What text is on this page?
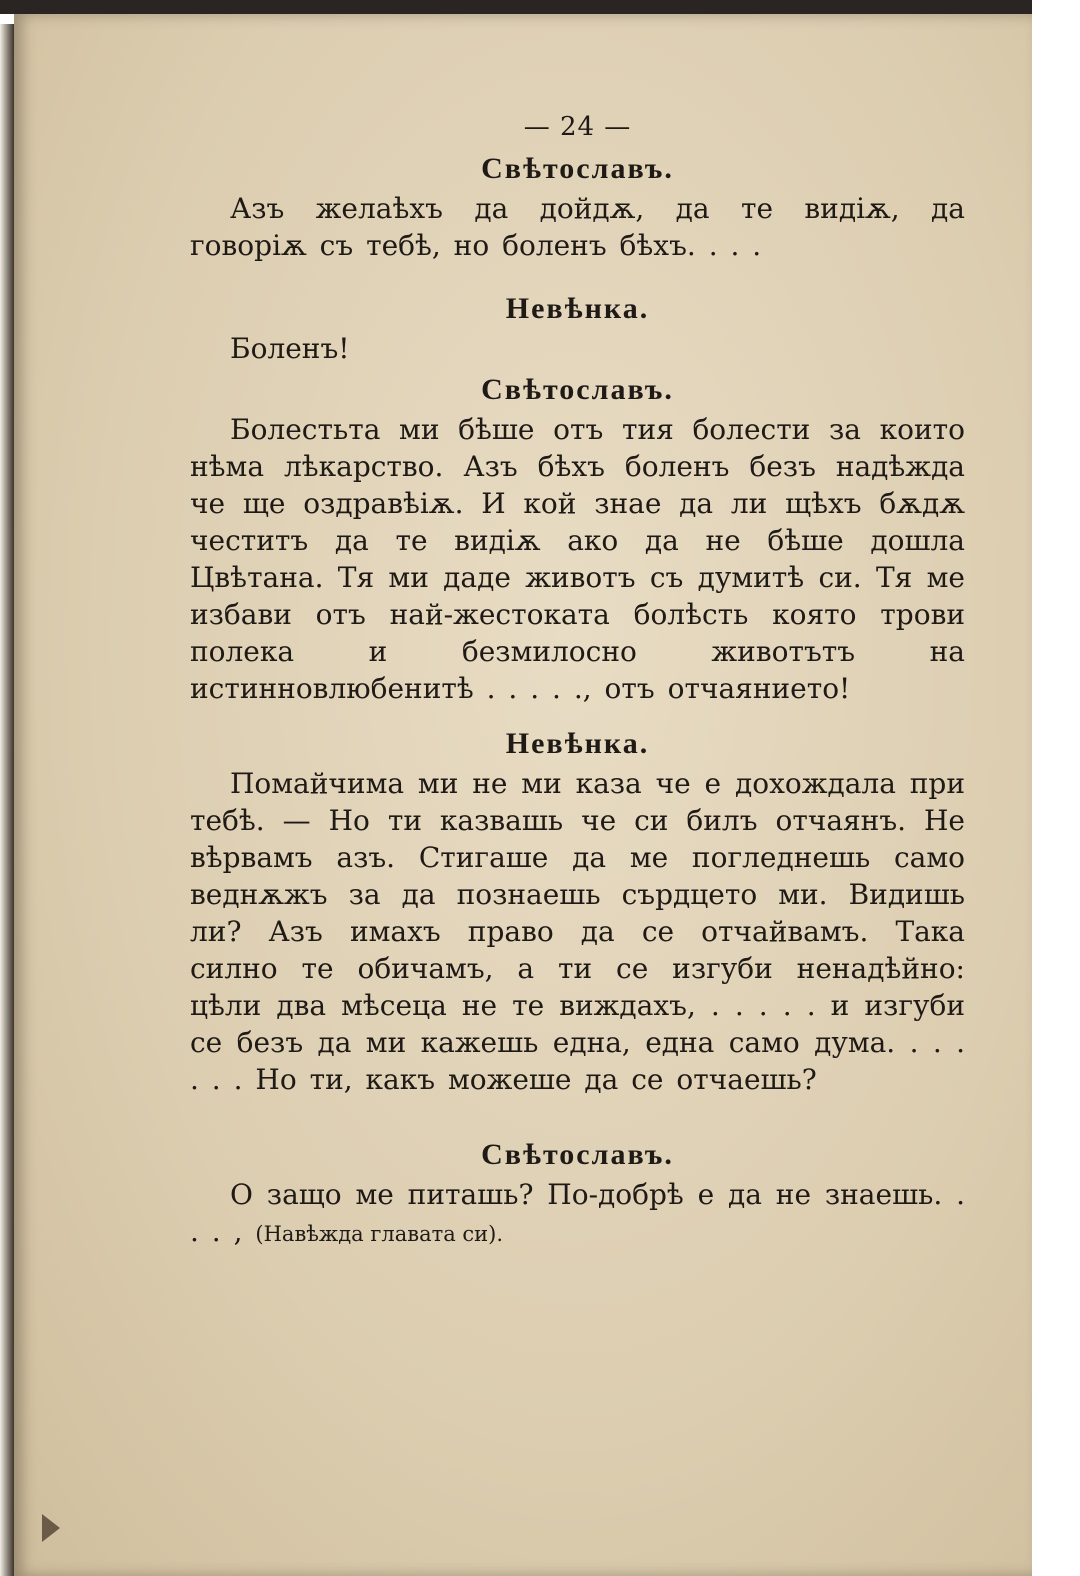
— 24 —
Свѣтославъ.

Азъ желаѣхъ да дойдѫ, да те видіѫ, да говоріѫ съ тебѣ, но боленъ бѣхъ. . . .

Невѣнка.

Боленъ!

Свѣтославъ.

Болестьта ми бѣше отъ тия болести за които нѣма лѣкарство. Азъ бѣхъ боленъ безъ надѣжда че ще оздравѣіѫ. И кой знае да ли щѣхъ бѫдѫ честитъ да те видіѫ ако да не бѣше дошла Цвѣтана. Тя ми даде животъ съ думитѣ си. Тя ме избави отъ най-жестоката болѣсть която трови полека и безмилосно животътъ на истинновлюбенитѣ . . . . ., отъ отчаянието!

Невѣнка.

Помайчима ми не ми каза че е дохождала при тебѣ. — Но ти казвашь че си билъ отчаянъ. Не вѣрвамъ азъ. Стигаше да ме погледнешь само веднѫжъ за да познаешь сърдцето ми. Видишь ли? Азъ имахъ право да се отчайвамъ. Така силно те обичамъ, а ти се изгуби ненадѣйно: цѣли два мѣсеца не те виждахъ, . . . . . и изгуби се безъ да ми кажешь една, една само дума. . . . . . . Но ти, какъ можеше да се отчаешь?

Свѣтославъ.

О защо ме питашь? По-добрѣ е да не знаешь. . . . , (Навѣжда главата си).
